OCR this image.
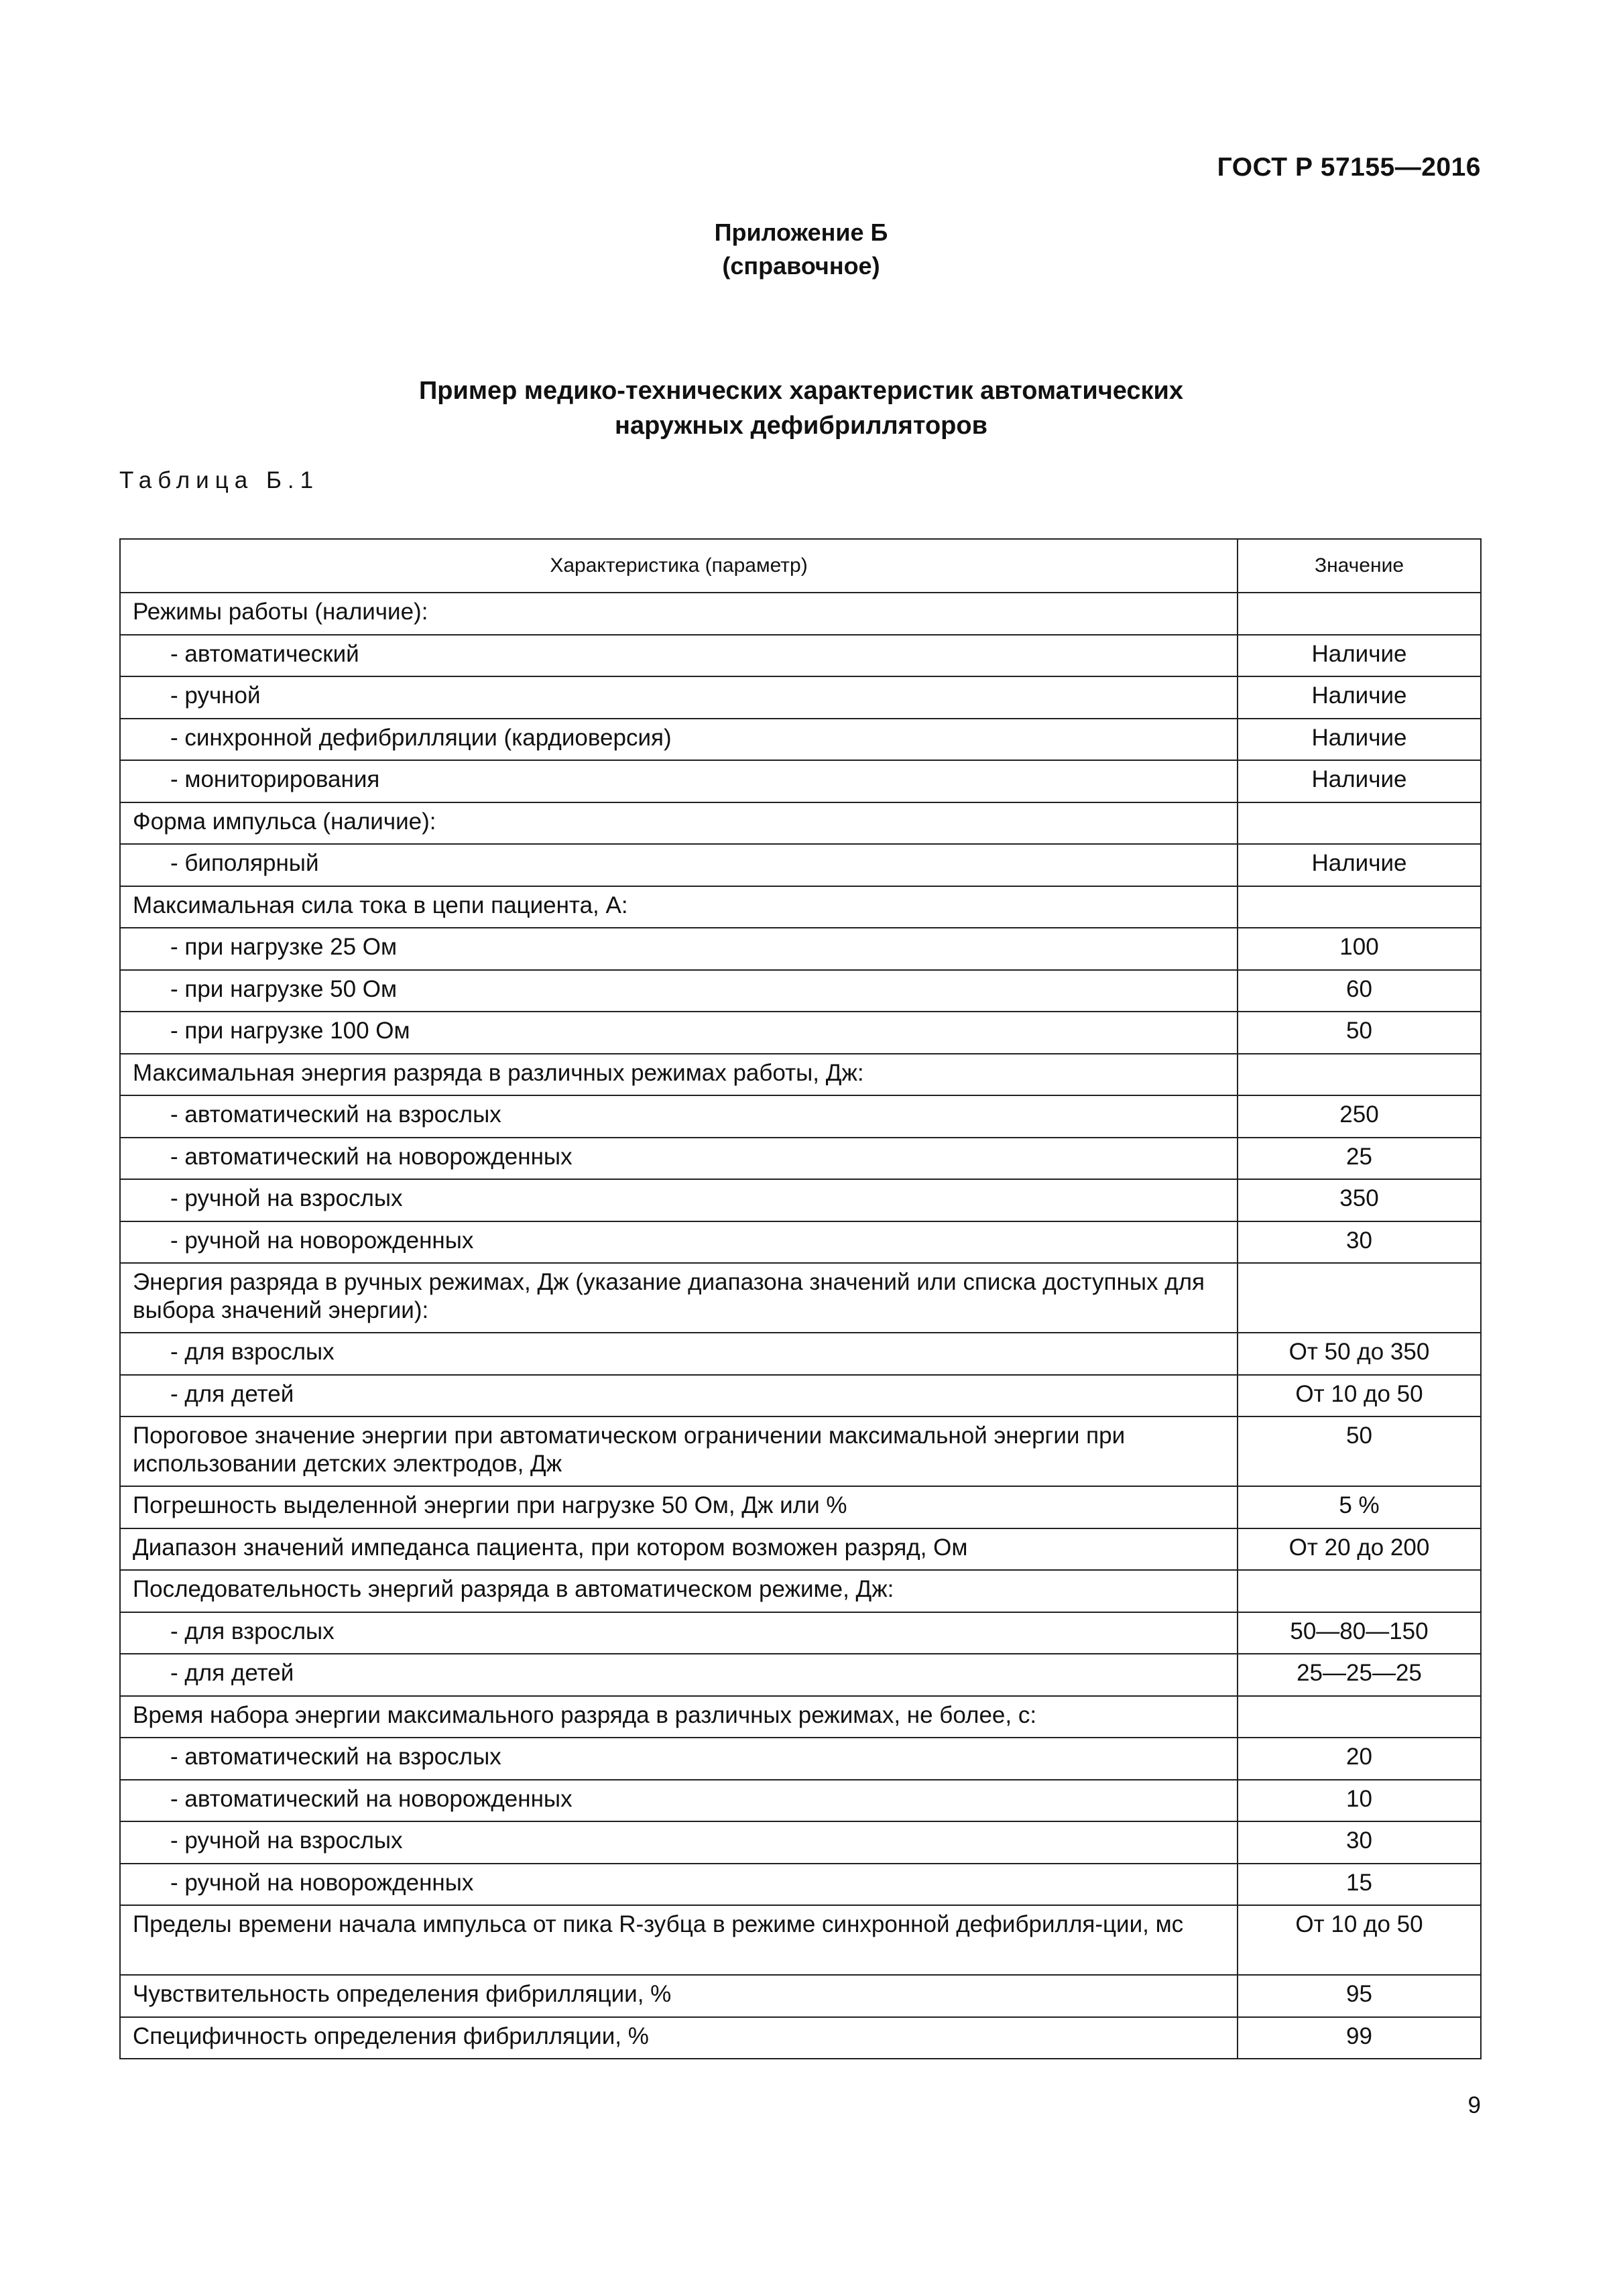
ГОСТ Р 57155—2016
Приложение Б
(справочное)
Пример медико-технических характеристик автоматических
наружных дефибрилляторов
Таблица Б.1
Характеристика (параметр)	Значение
Режимы работы (наличие):	
- автоматический	Наличие
- ручной	Наличие
- синхронной дефибрилляции (кардиоверсия)	Наличие
- мониторирования	Наличие
Форма импульса (наличие):	
- биполярный	Наличие
Максимальная сила тока в цепи пациента, А:	
- при нагрузке 25 Ом	100
- при нагрузке 50 Ом	60
- при нагрузке 100 Ом	50
Максимальная энергия разряда в различных режимах работы, Дж:	
- автоматический на взрослых	250
- автоматический на новорожденных	25
- ручной на взрослых	350
- ручной на новорожденных	30
Энергия разряда в ручных режимах, Дж (указание диапазона значений или списка доступных для выбора значений энергии):	
- для взрослых	От 50 до 350
- для детей	От 10 до 50
Пороговое значение энергии при автоматическом ограничении максимальной энергии при использовании детских электродов, Дж	50
Погрешность выделенной энергии при нагрузке 50 Ом, Дж или %	5 %
Диапазон значений импеданса пациента, при котором возможен разряд, Ом	От 20 до 200
Последовательность энергий разряда в автоматическом режиме, Дж:	
- для взрослых	50—80—150
- для детей	25—25—25
Время набора энергии максимального разряда в различных режимах, не более, с:	
- автоматический на взрослых	20
- автоматический на новорожденных	10
- ручной на взрослых	30
- ручной на новорожденных	15
Пределы времени начала импульса от пика R-зубца в режиме синхронной дефибрилля-ции, мс	От 10 до 50
Чувствительность определения фибрилляции, %	95
Специфичность определения фибрилляции, %	99
9
